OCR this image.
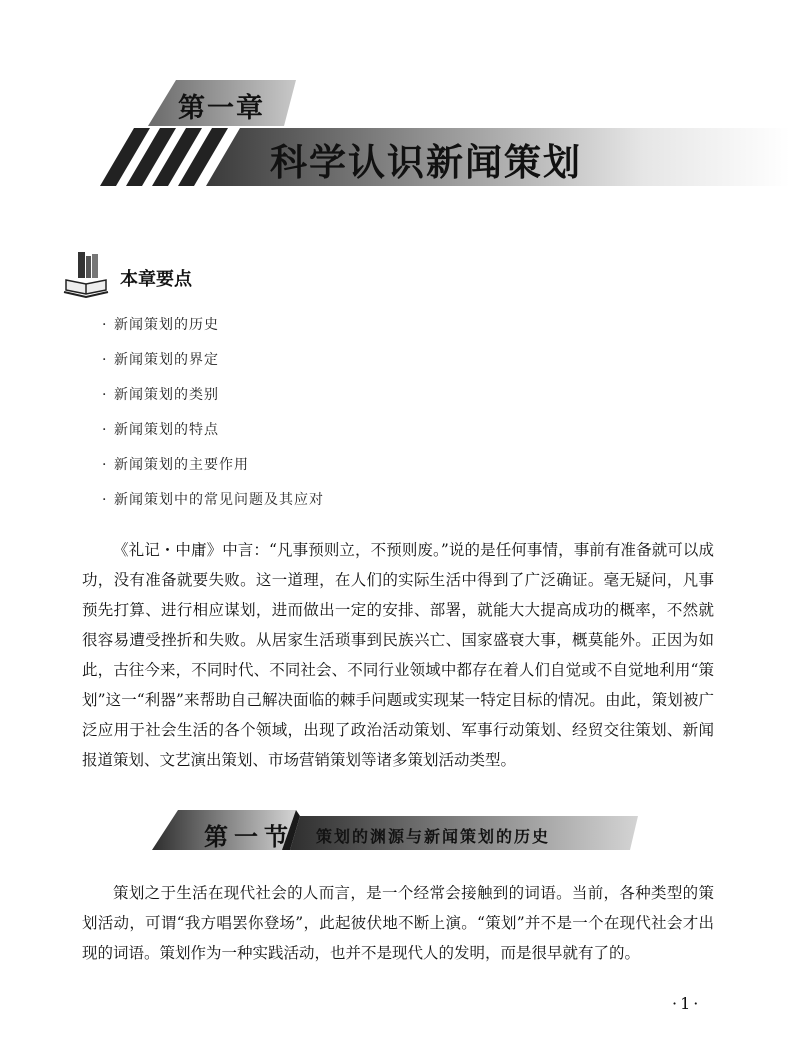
第一章
科学认识新闻策划
本章要点
· 新闻策划的历史
· 新闻策划的界定
· 新闻策划的类别
· 新闻策划的特点
· 新闻策划的主要作用
· 新闻策划中的常见问题及其应对

《礼记・中庸》中言：“凡事预则立，不预则废。”说的是任何事情，事前有准备就可以成功，没有准备就要失败。这一道理，在人们的实际生活中得到了广泛确证。毫无疑问，凡事预先打算、进行相应谋划，进而做出一定的安排、部署，就能大大提高成功的概率，不然就很容易遭受挫折和失败。从居家生活琐事到民族兴亡、国家盛衰大事，概莫能外。正因为如此，古往今来，不同时代、不同社会、不同行业领域中都存在着人们自觉或不自觉地利用“策划”这一“利器”来帮助自己解决面临的棘手问题或实现某一特定目标的情况。由此，策划被广泛应用于社会生活的各个领域，出现了政治活动策划、军事行动策划、经贸交往策划、新闻报道策划、文艺演出策划、市场营销策划等诸多策划活动类型。

第一节 策划的渊源与新闻策划的历史

策划之于生活在现代社会的人而言，是一个经常会接触到的词语。当前，各种类型的策划活动，可谓“我方唱罢你登场”，此起彼伏地不断上演。“策划”并不是一个在现代社会才出现的词语。策划作为一种实践活动，也并不是现代人的发明，而是很早就有了的。

·1·
